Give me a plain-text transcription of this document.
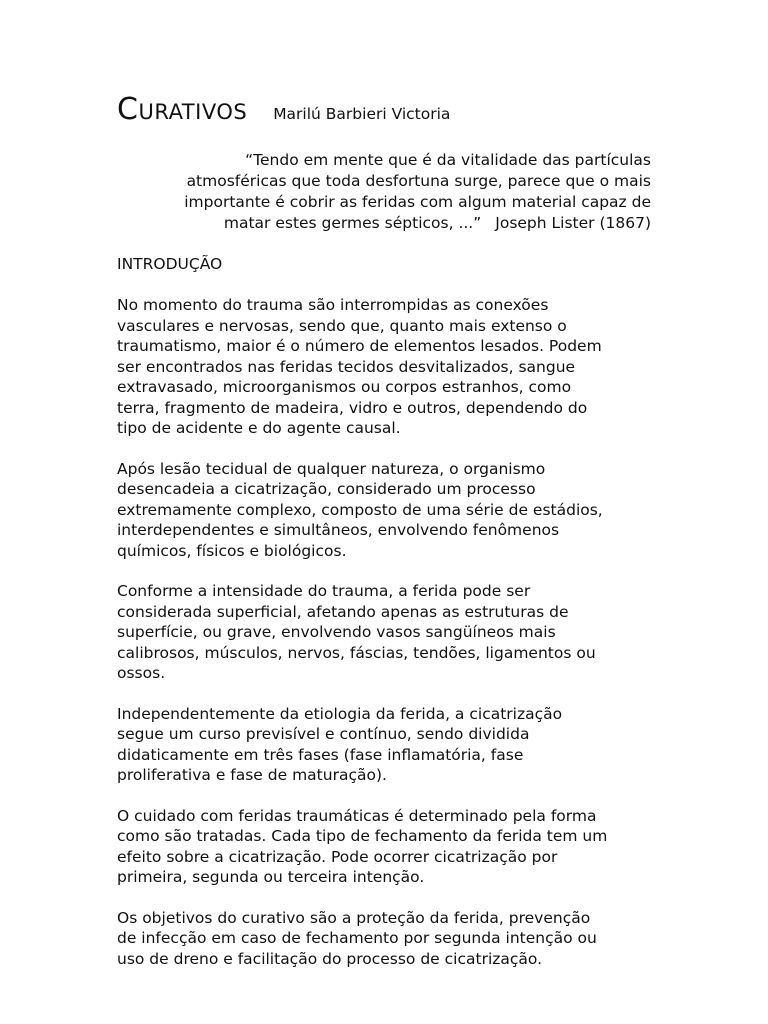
CURATIVOS Marilú Barbieri Victoria
“Tendo em mente que é da vitalidade das partículas
atmosféricas que toda desfortuna surge, parece que o mais
importante é cobrir as feridas com algum material capaz de
matar estes germes sépticos, ...” Joseph Lister (1867)
INTRODUÇÃO
No momento do trauma são interrompidas as conexões
vasculares e nervosas, sendo que, quanto mais extenso o
traumatismo, maior é o número de elementos lesados. Podem
ser encontrados nas feridas tecidos desvitalizados, sangue
extravasado, microorganismos ou corpos estranhos, como
terra, fragmento de madeira, vidro e outros, dependendo do
tipo de acidente e do agente causal.
Após lesão tecidual de qualquer natureza, o organismo
desencadeia a cicatrização, considerado um processo
extremamente complexo, composto de uma série de estádios,
interdependentes e simultâneos, envolvendo fenômenos
químicos, físicos e biológicos.
Conforme a intensidade do trauma, a ferida pode ser
considerada superficial, afetando apenas as estruturas de
superfície, ou grave, envolvendo vasos sangüíneos mais
calibrosos, músculos, nervos, fáscias, tendões, ligamentos ou
ossos.
Independentemente da etiologia da ferida, a cicatrização
segue um curso previsível e contínuo, sendo dividida
didaticamente em três fases (fase inflamatória, fase
proliferativa e fase de maturação).
O cuidado com feridas traumáticas é determinado pela forma
como são tratadas. Cada tipo de fechamento da ferida tem um
efeito sobre a cicatrização. Pode ocorrer cicatrização por
primeira, segunda ou terceira intenção.
Os objetivos do curativo são a proteção da ferida, prevenção
de infecção em caso de fechamento por segunda intenção ou
uso de dreno e facilitação do processo de cicatrização.
